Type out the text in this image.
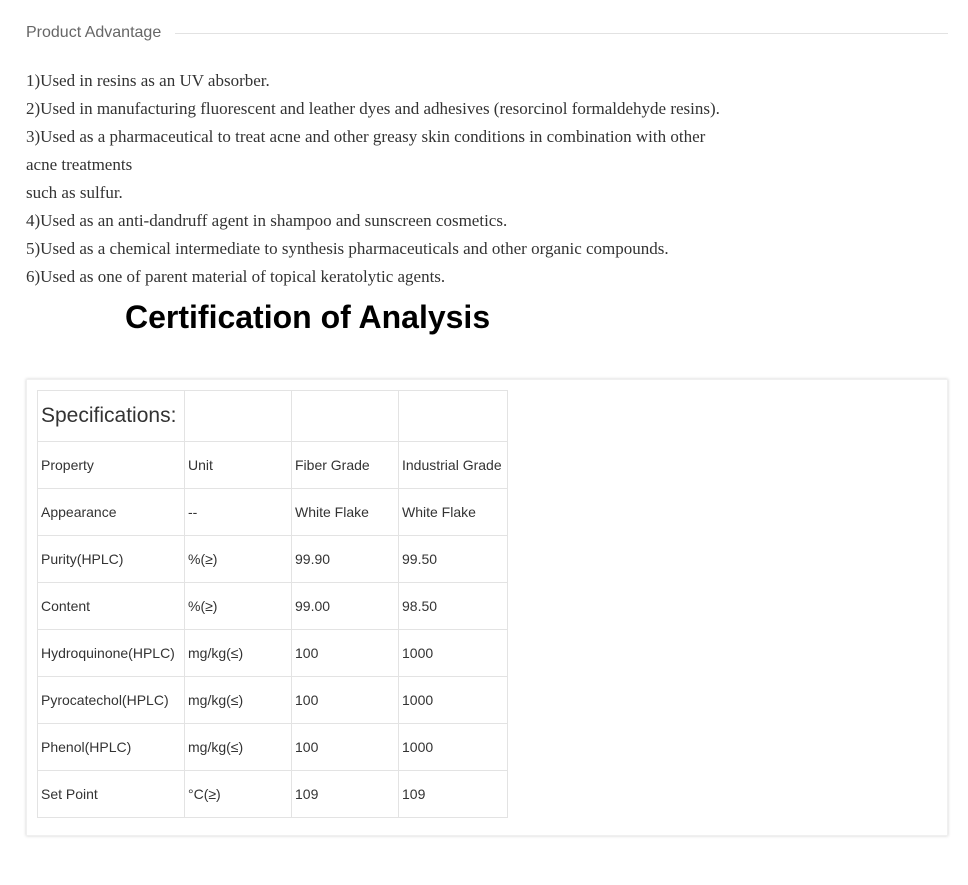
Product Advantage
1)Used in resins as an UV absorber.
2)Used in manufacturing fluorescent and leather dyes and adhesives (resorcinol formaldehyde resins).
3)Used as a pharmaceutical to treat acne and other greasy skin conditions in combination with other
acne treatments
such as sulfur.
4)Used as an anti-dandruff agent in shampoo and sunscreen cosmetics.
5)Used as a chemical intermediate to synthesis pharmaceuticals and other organic compounds.
6)Used as one of parent material of topical keratolytic agents.
Certification of Analysis
Specifications:			
Property	Unit	Fiber Grade	Industrial Grade
Appearance	--	White Flake	White Flake
Purity(HPLC)	%(≥)	99.90	99.50
Content	%(≥)	99.00	98.50
Hydroquinone(HPLC)	mg/kg(≤)	100	1000
Pyrocatechol(HPLC)	mg/kg(≤)	100	1000
Phenol(HPLC)	mg/kg(≤)	100	1000
Set Point	°C(≥)	109	109
